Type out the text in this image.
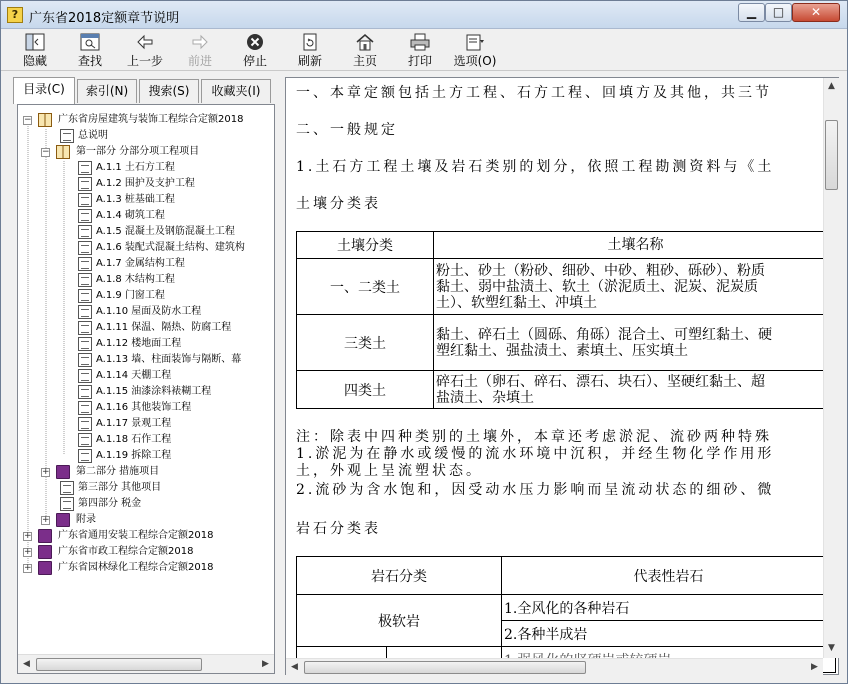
? 广东省2018定额章节说明	▁	□	✕
隐藏	查找	上一步	前进	停止	刷新	主页	打印	选项(O)
目录(C)	索引(N)	搜索(S)	收藏夹(I)
−	广东省房屋建筑与装饰工程综合定额2018
总说明
−	第一部分 分部分项工程项目
A.1.1 土石方工程
A.1.2 围护及支护工程
A.1.3 桩基础工程
A.1.4 砌筑工程
A.1.5 混凝土及钢筋混凝土工程
A.1.6 装配式混凝土结构、建筑构
A.1.7 金属结构工程
A.1.8 木结构工程
A.1.9 门窗工程
A.1.10 屋面及防水工程
A.1.11 保温、隔热、防腐工程
A.1.12 楼地面工程
A.1.13 墙、柱面装饰与隔断、幕
A.1.14 天棚工程
A.1.15 油漆涂料裱糊工程
A.1.16 其他装饰工程
A.1.17 景观工程
A.1.18 石作工程
A.1.19 拆除工程
+	第二部分 措施项目
第三部分 其他项目
第四部分 税金
+	附录
+	广东省通用安装工程综合定额2018
+	广东省市政工程综合定额2018
+	广东省园林绿化工程综合定额2018
◀	▶
一、本章定额包括土方工程、石方工程、回填方及其他，共三节
二、一般规定
1.土石方工程土壤及岩石类别的划分，依照工程勘测资料与《土
土壤分类表
土壤分类	土壤名称
一、二类土	粉土、砂土（粉砂、细砂、中砂、粗砂、砾砂）、粉质
黏土、弱中盐渍土、软土（淤泥质土、泥炭、泥炭质
土）、软塑红黏土、冲填土

三类土	黏土、碎石土（圆砾、角砾）混合土、可塑红黏土、硬
塑红黏土、强盐渍土、素填土、压实填土

四类土	碎石土（卵石、碎石、漂石、块石）、坚硬红黏土、超
盐渍土、杂填土
注：除表中四种类别的土壤外，本章还考虑淤泥、流砂两种特殊
1.淤泥为在静水或缓慢的流水环境中沉积，并经生物化学作用形
土，外观上呈流塑状态。
2.流砂为含水饱和，因受动水压力影响而呈流动状态的细砂、微
岩石分类表
岩石分类		代表性岩石
极软岩		1.全风化的各种岩石
		2.各种半成岩

▲
▼
◀	▶
